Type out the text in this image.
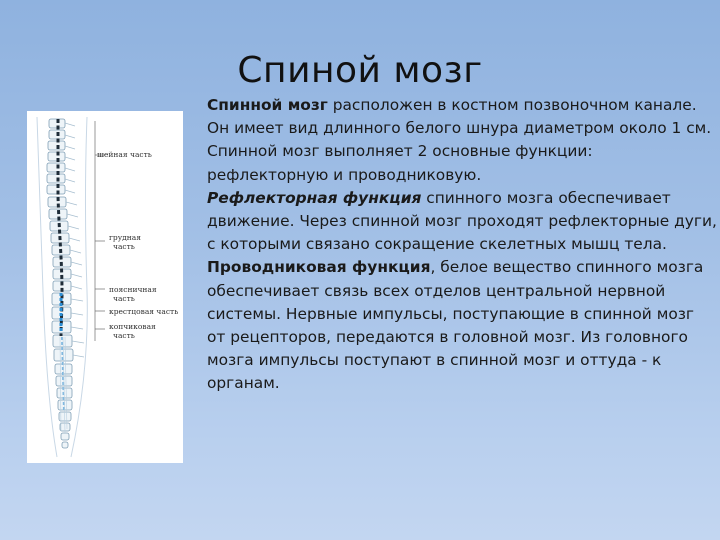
Спиной мозг
шейная часть
грудная
часть
поясничная
часть
крестцовая часть
копчиковая
часть

Спинной мозг расположен в костном позвоночном канале. Он имеет вид длинного белого шнура диаметром около 1 см.

Спинной мозг выполняет 2 основные функции: рефлекторную и проводниковую.

Рефлекторная функция спинного мозга обеспечивает движение. Через спинной мозг проходят рефлекторные дуги, с которыми связано сокращение скелетных мышц тела.

Проводниковая функция, белое вещество спинного мозга обеспечивает связь всех отделов центральной нервной системы. Нервные импульсы, поступающие в спинной мозг от рецепторов, передаются в головной мозг. Из головного мозга импульсы поступают в спинной мозг и оттуда - к органам.
